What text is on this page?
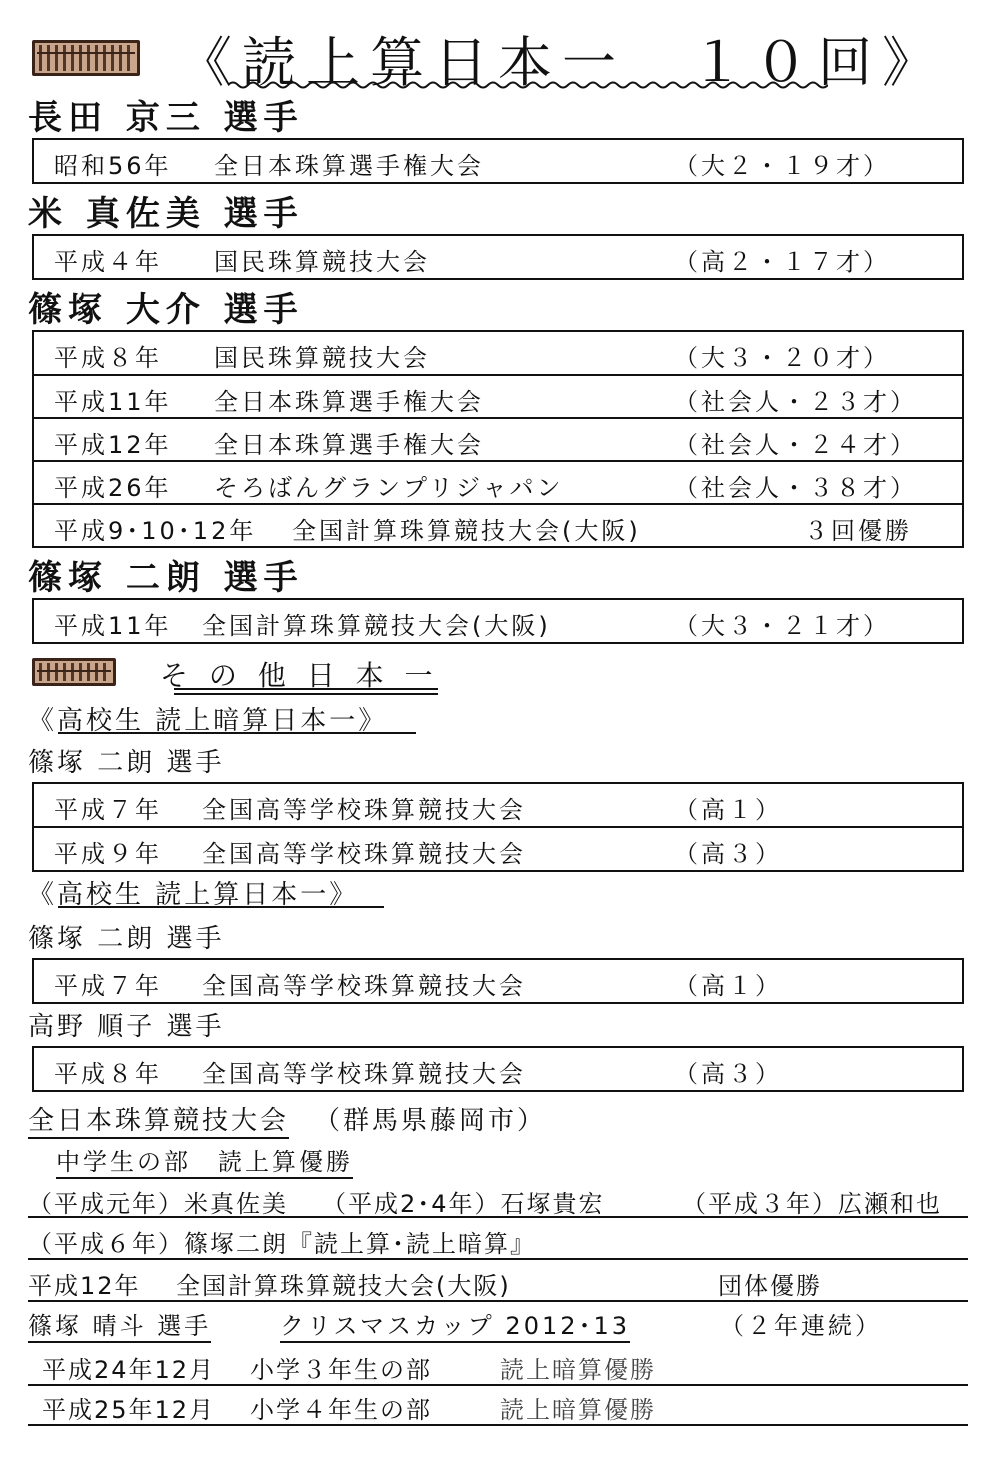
《読上算日本一　１０回》
長田 京三 選手
昭和56年 全日本珠算選手権大会	（大２・１９才）
米 真佐美 選手
平成４年 国民珠算競技大会	（高２・１７才）
篠塚 大介 選手
平成８年 国民珠算競技大会	（大３・２０才）
平成11年 全日本珠算選手権大会	（社会人・２３才）
平成12年 全日本珠算選手権大会	（社会人・２４才）
平成26年 そろばんグランプリジャパン	（社会人・３８才）
平成9･10･12年 全国計算珠算競技大会(大阪)	３回優勝
篠塚 二朗 選手
平成11年 全国計算珠算競技大会(大阪)	（大３・２１才）
そ の 他 日 本 一
《高校生 読上暗算日本一》
篠塚 二朗 選手
平成７年 全国高等学校珠算競技大会	（高１）
平成９年 全国高等学校珠算競技大会	（高３）
《高校生 読上算日本一》
篠塚 二朗 選手
平成７年 全国高等学校珠算競技大会	（高１）
高野 順子 選手
平成８年 全国高等学校珠算競技大会	（高３）
全日本珠算競技大会 （群馬県藤岡市）
中学生の部　読上算優勝
（平成元年）米真佐美 （平成2･4年）石塚貴宏	（平成３年）広瀬和也
（平成６年）篠塚二朗『読上算･読上暗算』
平成12年 全国計算珠算競技大会(大阪)	団体優勝
篠塚 晴斗 選手	クリスマスカップ 2012･13	（２年連続）
平成24年12月 小学３年生の部	読上暗算優勝
平成25年12月 小学４年生の部	読上暗算優勝
